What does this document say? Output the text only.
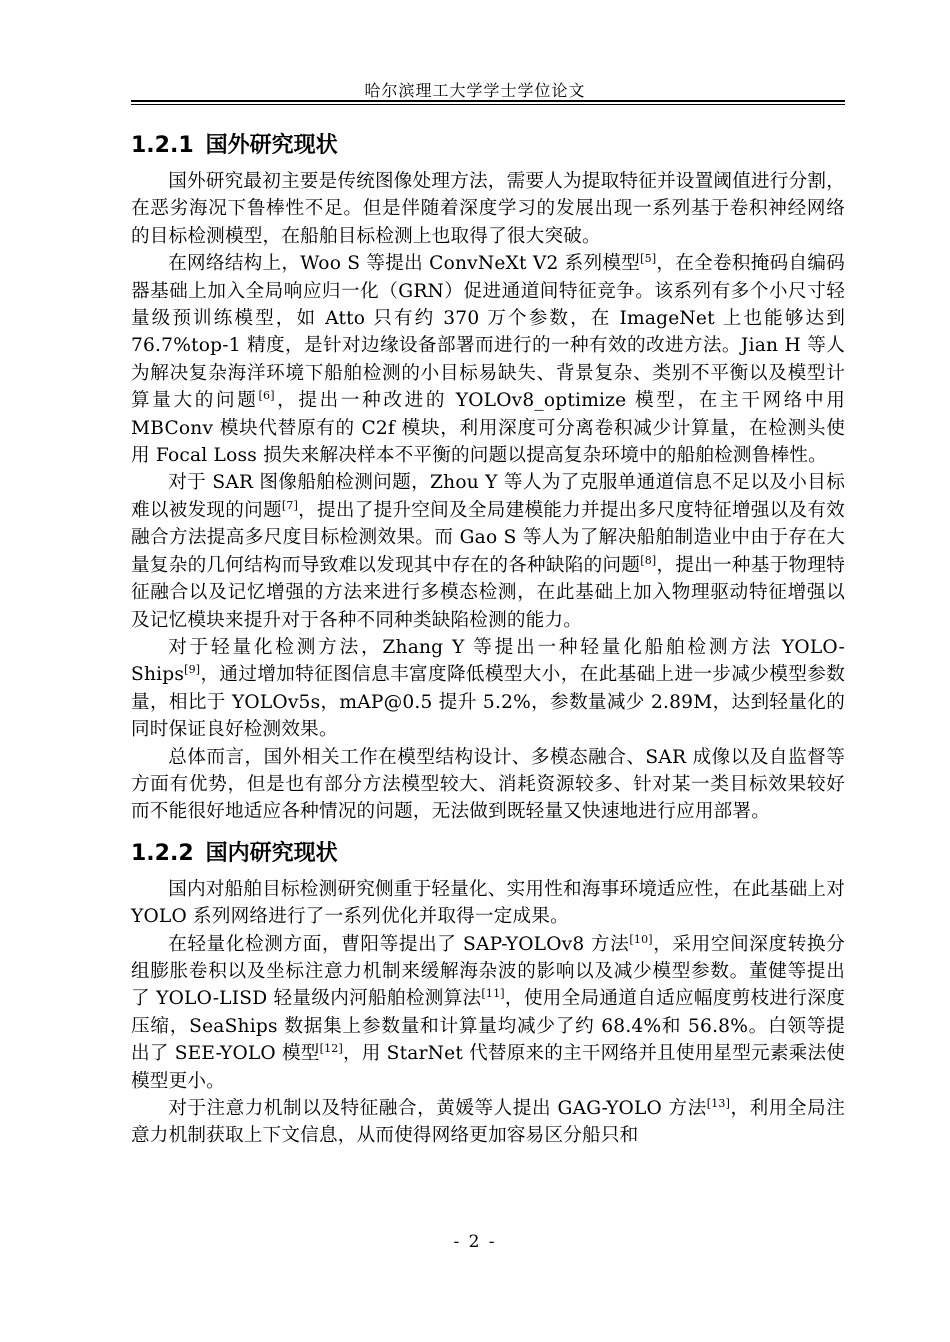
哈尔滨理工大学学士学位论文
1.2.1 国外研究现状

国外研究最初主要是传统图像处理方法，需要人为提取特征并设置阈值进行分割，在恶劣海况下鲁棒性不足。但是伴随着深度学习的发展出现一系列基于卷积神经网络的目标检测模型，在船舶目标检测上也取得了很大突破。

在网络结构上，Woo S 等提出 ConvNeXt V2 系列模型[5]，在全卷积掩码自编码器基础上加入全局响应归一化（GRN）促进通道间特征竞争。该系列有多个小尺寸轻量级预训练模型，如 Atto 只有约 370 万个参数，在 ImageNet 上也能够达到 76.7%top-1 精度，是针对边缘设备部署而进行的一种有效的改进方法。Jian H 等人为解决复杂海洋环境下船舶检测的小目标易缺失、背景复杂、类别不平衡以及模型计算量大的问题[6]，提出一种改进的 YOLOv8_optimize 模型，在主干网络中用 MBConv 模块代替原有的 C2f 模块，利用深度可分离卷积减少计算量，在检测头使用 Focal Loss 损失来解决样本不平衡的问题以提高复杂环境中的船舶检测鲁棒性。

对于 SAR 图像船舶检测问题，Zhou Y 等人为了克服单通道信息不足以及小目标难以被发现的问题[7]，提出了提升空间及全局建模能力并提出多尺度特征增强以及有效融合方法提高多尺度目标检测效果。而 Gao S 等人为了解决船舶制造业中由于存在大量复杂的几何结构而导致难以发现其中存在的各种缺陷的问题[8]，提出一种基于物理特征融合以及记忆增强的方法来进行多模态检测，在此基础上加入物理驱动特征增强以及记忆模块来提升对于各种不同种类缺陷检测的能力。

对于轻量化检测方法，Zhang Y 等提出一种轻量化船舶检测方法 YOLO-Ships[9]，通过增加特征图信息丰富度降低模型大小，在此基础上进一步减少模型参数量，相比于 YOLOv5s，mAP@0.5 提升 5.2%，参数量减少 2.89M，达到轻量化的同时保证良好检测效果。

总体而言，国外相关工作在模型结构设计、多模态融合、SAR 成像以及自监督等方面有优势，但是也有部分方法模型较大、消耗资源较多、针对某一类目标效果较好而不能很好地适应各种情况的问题，无法做到既轻量又快速地进行应用部署。

1.2.2 国内研究现状

国内对船舶目标检测研究侧重于轻量化、实用性和海事环境适应性，在此基础上对 YOLO 系列网络进行了一系列优化并取得一定成果。

在轻量化检测方面，曹阳等提出了 SAP-YOLOv8 方法[10]，采用空间深度转换分组膨胀卷积以及坐标注意力机制来缓解海杂波的影响以及减少模型参数。董健等提出了 YOLO-LISD 轻量级内河船舶检测算法[11]，使用全局通道自适应幅度剪枝进行深度压缩，SeaShips 数据集上参数量和计算量均减少了约 68.4%和 56.8%。白领等提出了 SEE-YOLO 模型[12]，用 StarNet 代替原来的主干网络并且使用星型元素乘法使模型更小。

对于注意力机制以及特征融合，黄媛等人提出 GAG-YOLO 方法[13]，利用全局注意力机制获取上下文信息，从而使得网络更加容易区分船只和

- 2 -
